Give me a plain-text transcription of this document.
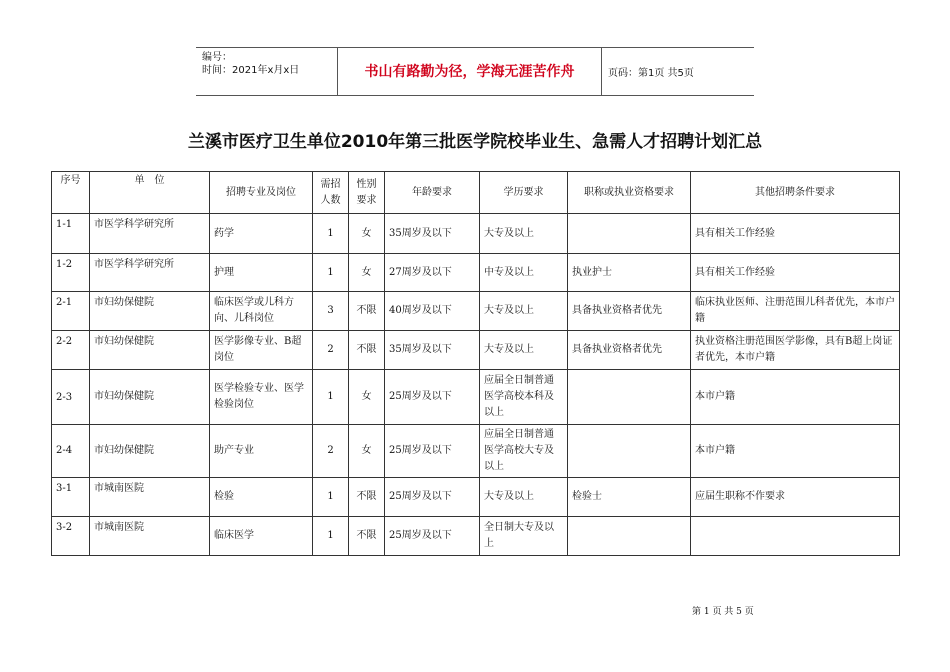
编号：
时间：2021年x月x日	书山有路勤为径，学海无涯苦作舟	页码：第1页 共5页
兰溪市医疗卫生单位2010年第三批医学院校毕业生、急需人才招聘计划汇总
序号	单　位	招聘专业及岗位	需招人数	性别要求	年龄要求	学历要求	职称或执业资格要求	其他招聘条件要求
1-1	市医学科学研究所	药学	1	女	35周岁及以下	大专及以上		具有相关工作经验
1-2	市医学科学研究所	护理	1	女	27周岁及以下	中专及以上	执业护士	具有相关工作经验
2-1	市妇幼保健院	临床医学或儿科方向、儿科岗位	3	不限	40周岁及以下	大专及以上	具备执业资格者优先	临床执业医师、注册范围儿科者优先，本市户籍
2-2	市妇幼保健院	医学影像专业、B超岗位	2	不限	35周岁及以下	大专及以上	具备执业资格者优先	执业资格注册范围医学影像，具有B超上岗证者优先，本市户籍
2-3	市妇幼保健院	医学检验专业、医学检验岗位	1	女	25周岁及以下	应届全日制普通医学高校本科及以上		本市户籍
2-4	市妇幼保健院	助产专业	2	女	25周岁及以下	应届全日制普通医学高校大专及以上		本市户籍
3-1	市城南医院	检验	1	不限	25周岁及以下	大专及以上	检验士	应届生职称不作要求
3-2	市城南医院	临床医学	1	不限	25周岁及以下	全日制大专及以上		
第 1 页 共 5 页
